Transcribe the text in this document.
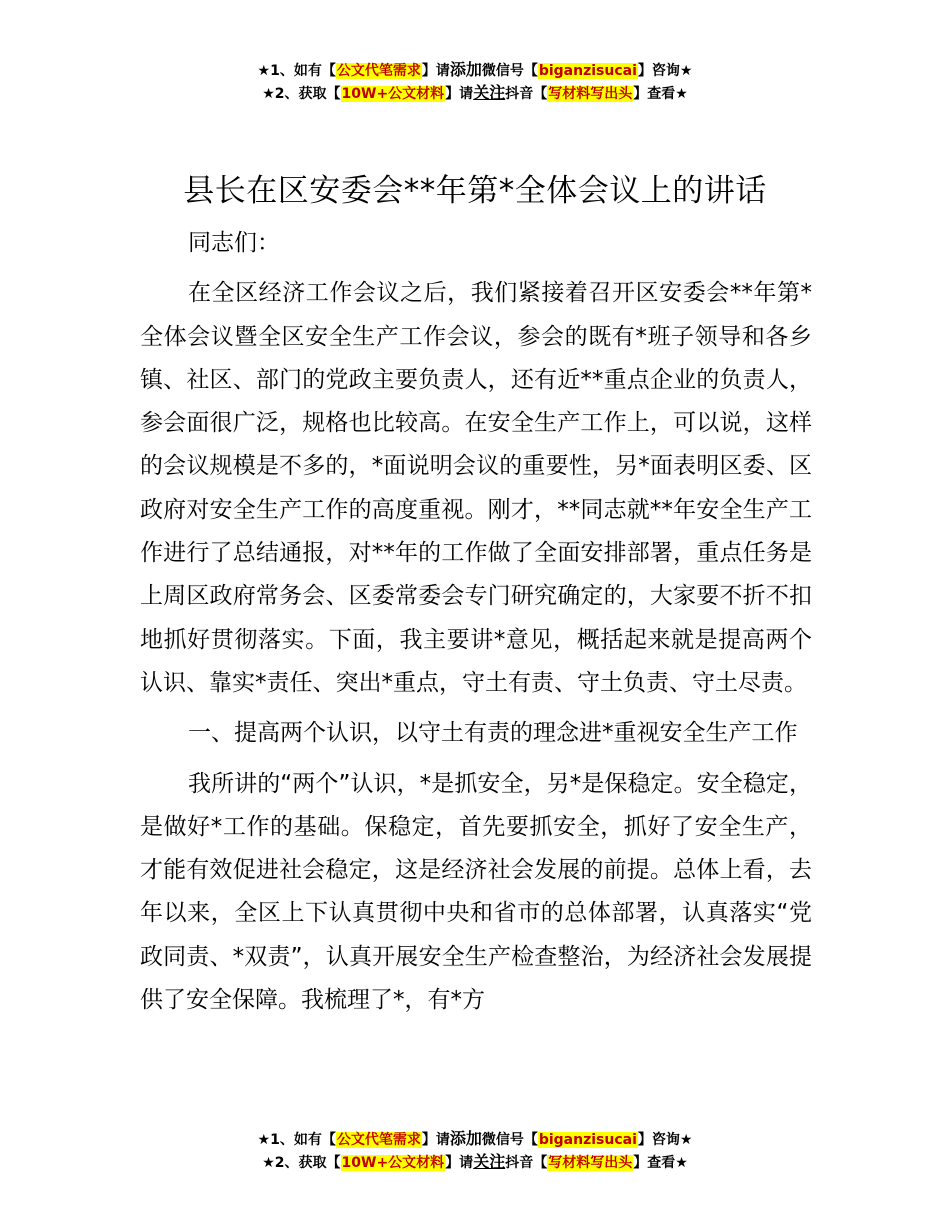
★1、如有【公文代笔需求】请添加微信号【biganzisucai】咨询★
★2、获取【10W+公文材料】请关注抖音【写材料写出头】查看★
县长在区安委会**年第*全体会议上的讲话

同志们：

在全区经济工作会议之后，我们紧接着召开区安委会**年第*全体会议暨全区安全生产工作会议，参会的既有*班子领导和各乡镇、社区、部门的党政主要负责人，还有近**重点企业的负责人，参会面很广泛，规格也比较高。在安全生产工作上，可以说，这样的会议规模是不多的，*面说明会议的重要性，另*面表明区委、区政府对安全生产工作的高度重视。刚才，**同志就**年安全生产工作进行了总结通报，对**年的工作做了全面安排部署，重点任务是上周区政府常务会、区委常委会专门研究确定的，大家要不折不扣地抓好贯彻落实。下面，我主要讲*意见，概括起来就是提高两个认识、靠实*责任、突出*重点，守土有责、守土负责、守土尽责。

一、提高两个认识，以守土有责的理念进*重视安全生产工作

我所讲的“两个”认识，*是抓安全，另*是保稳定。安全稳定，是做好*工作的基础。保稳定，首先要抓安全，抓好了安全生产，才能有效促进社会稳定，这是经济社会发展的前提。总体上看，去年以来，全区上下认真贯彻中央和省市的总体部署，认真落实“党政同责、*双责”，认真开展安全生产检查整治，为经济社会发展提供了安全保障。我梳理了*，有*方

★1、如有【公文代笔需求】请添加微信号【biganzisucai】咨询★
★2、获取【10W+公文材料】请关注抖音【写材料写出头】查看★
